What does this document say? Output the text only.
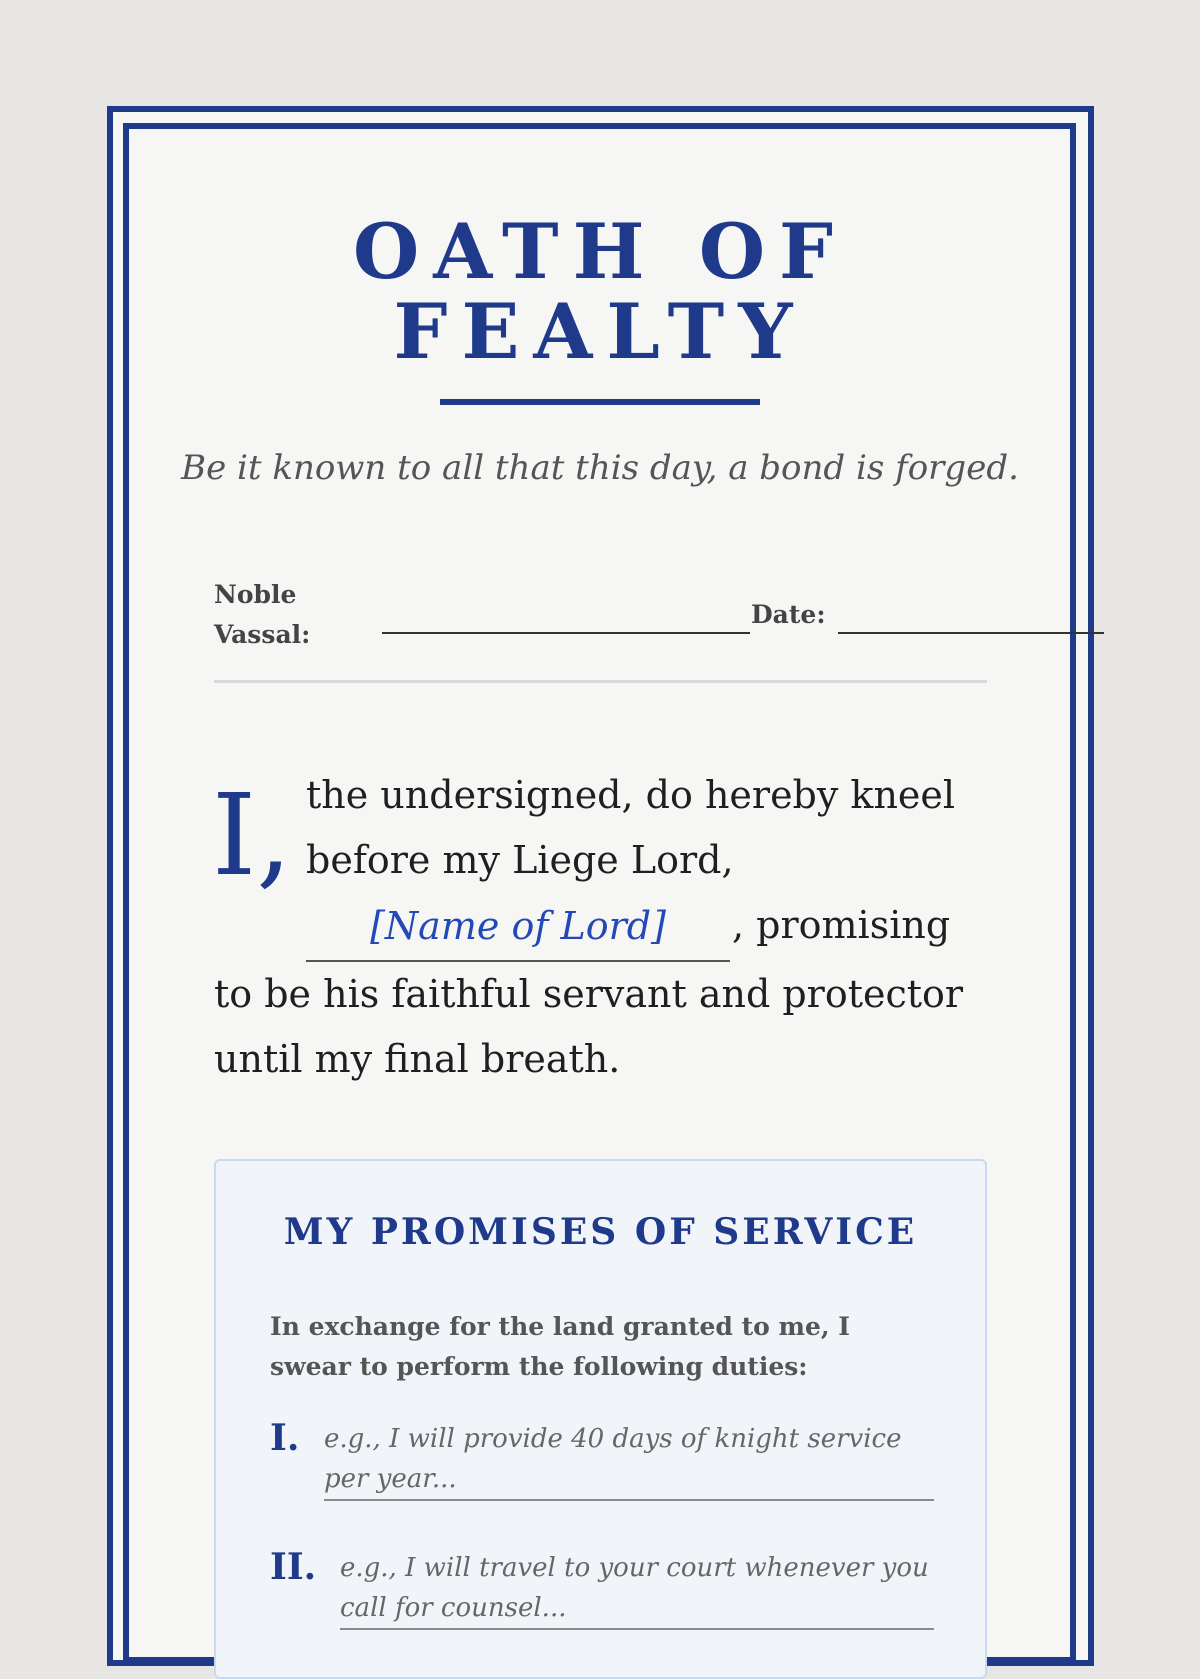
OATH OF
FEALTY
Be it known to all that this day, a bond is forged.
Noble Vassal:
Date:
I, the undersigned, do hereby kneel
before my Liege Lord,
[Name of Lord]	, promising
to be his faithful servant and protector
until my final breath.
MY PROMISES OF SERVICE
In exchange for the land granted to me, I swear to perform the following duties:
I. e.g., I will provide 40 days of knight service per year...
II. e.g., I will travel to your court whenever you call for counsel...
